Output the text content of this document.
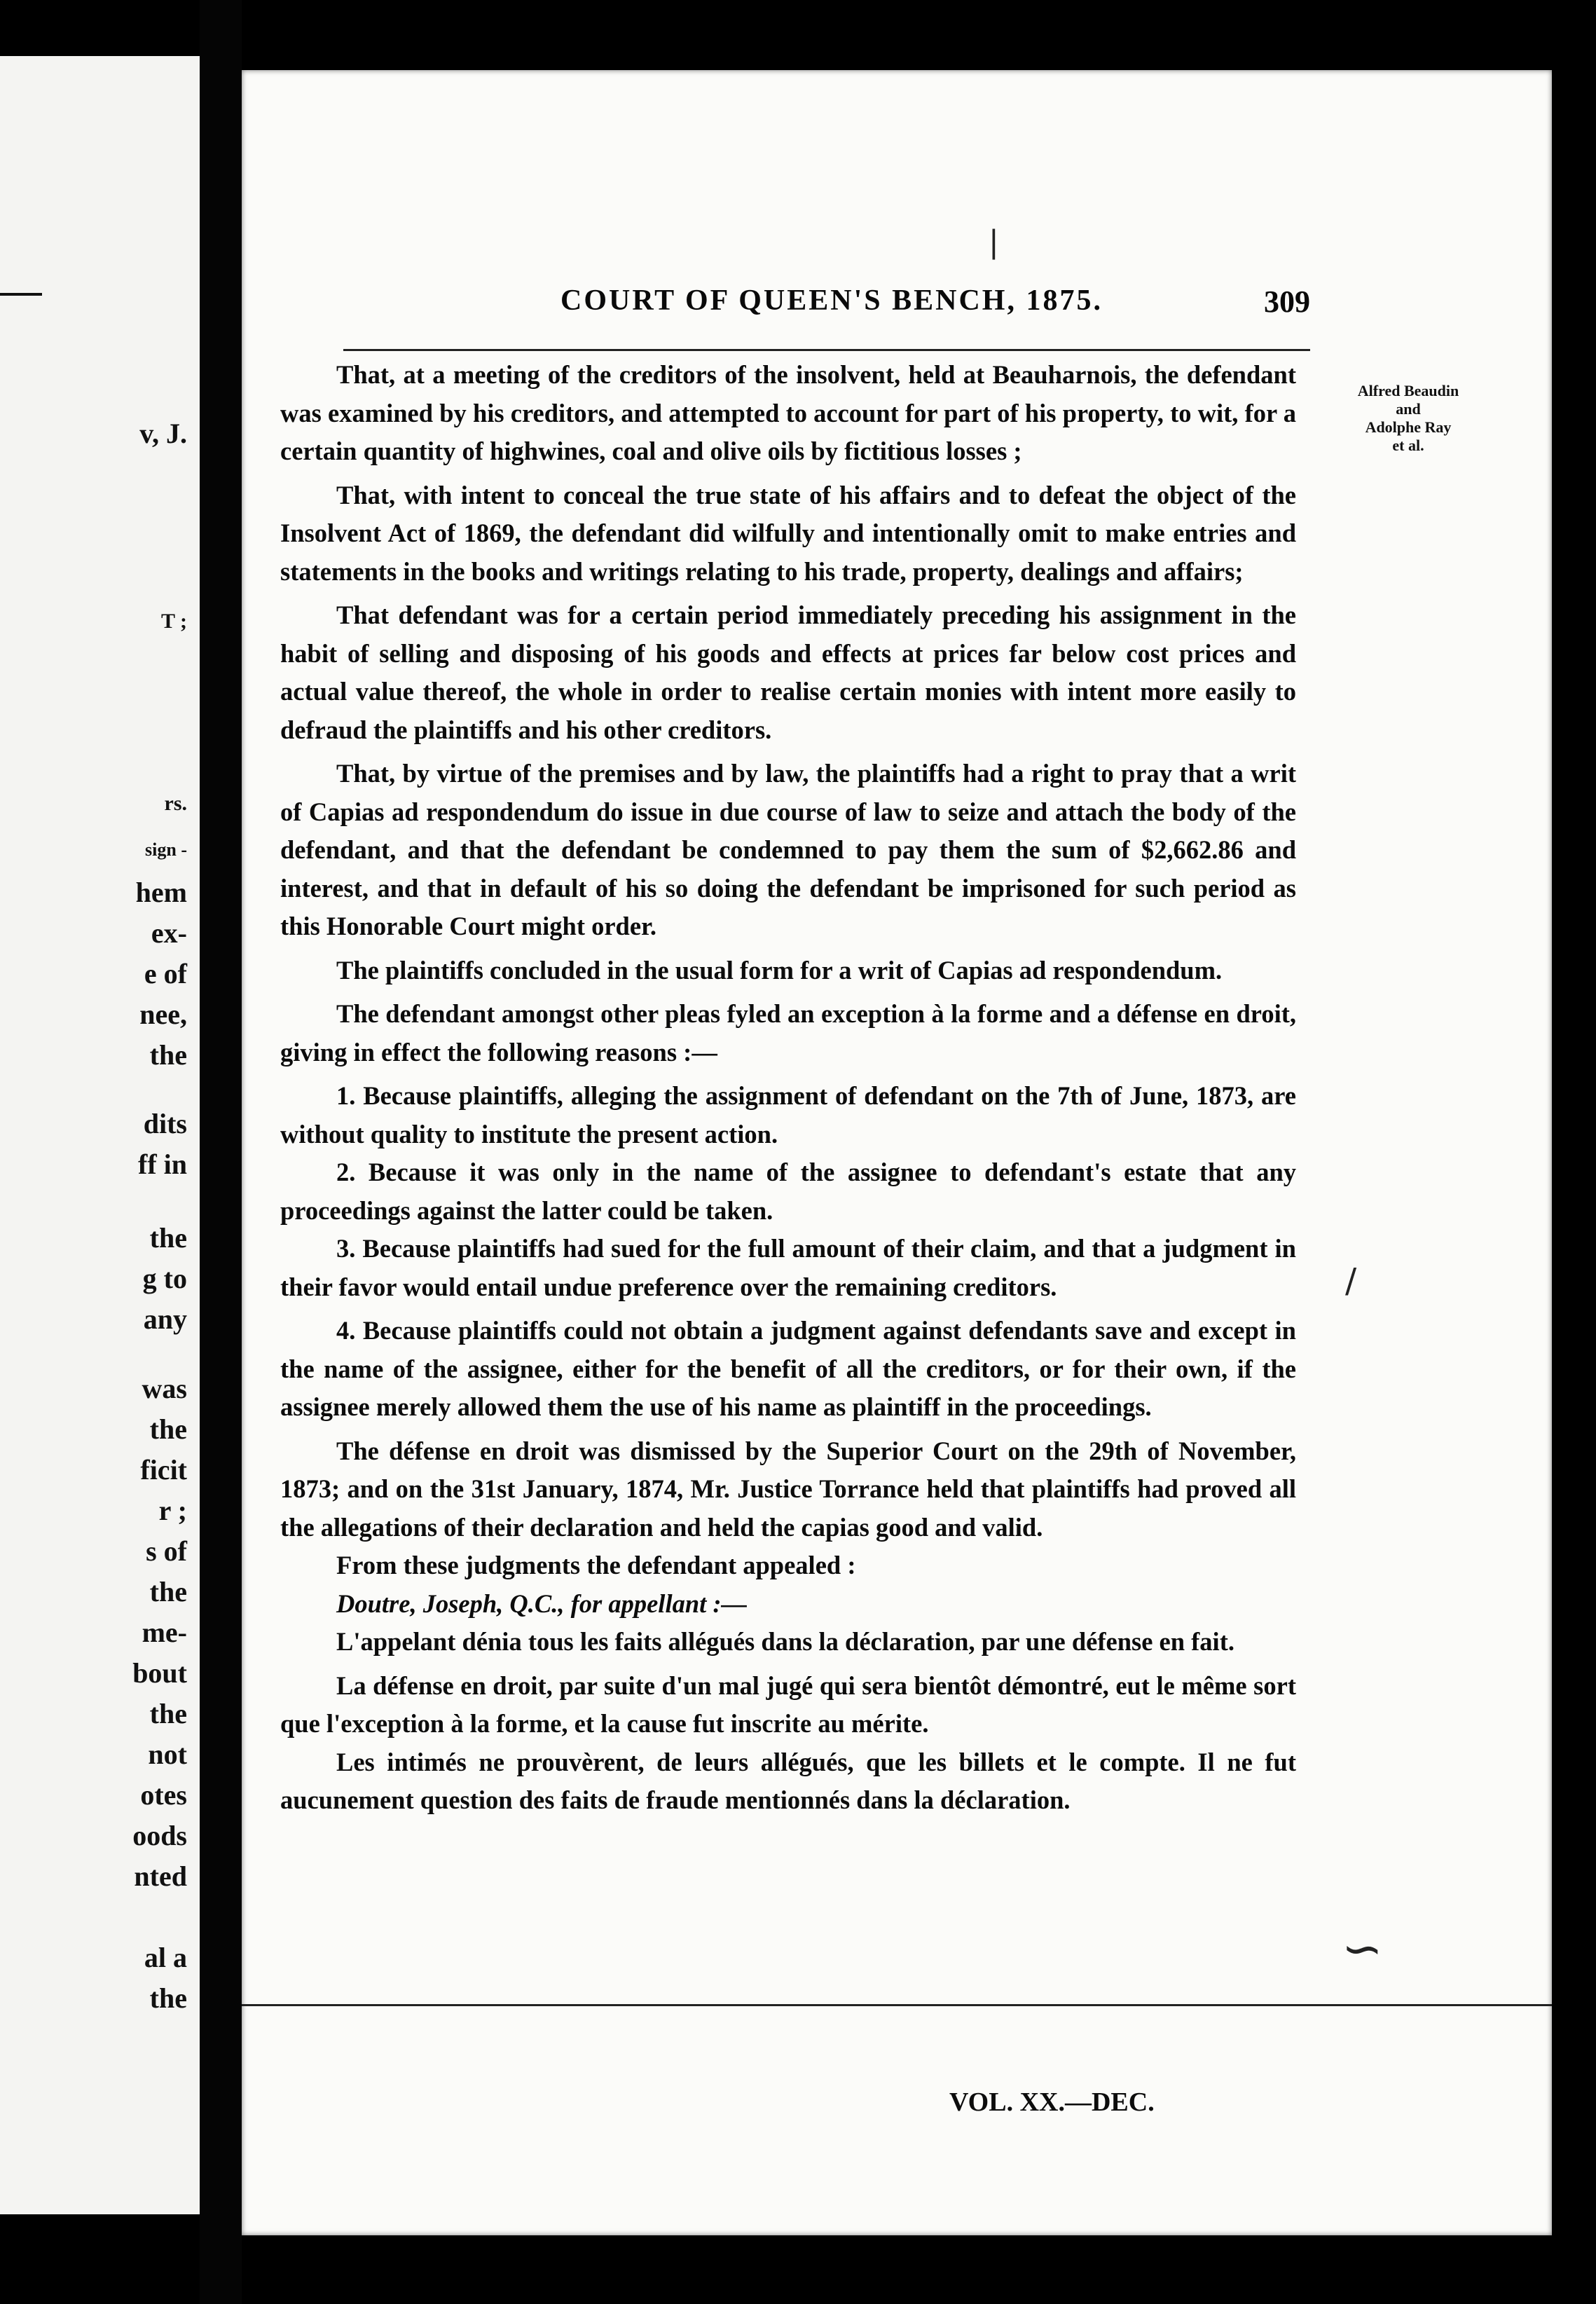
v, J.

T ;

rs.

sign -

hem

ex-

e of

nee,

the

dits

ff in

the

g to

any

was

the

ficit

r ;

s of

the

me-

bout

the

not

otes

oods

nted

al a

the

❘
COURT OF QUEEN'S BENCH, 1875.	309
Alfred Beaudin
and
Adolphe Ray
et al.

That, at a meeting of the creditors of the insolvent, held at Beauharnois, the defendant was examined by his creditors, and attempted to account for part of his property, to wit, for a certain quantity of highwines, coal and olive oils by fictitious losses ;

That, with intent to conceal the true state of his affairs and to defeat the object of the Insolvent Act of 1869, the defendant did wilfully and intentionally omit to make entries and statements in the books and writings relating to his trade, property, dealings and affairs;

That defendant was for a certain period immediately preceding his assignment in the habit of selling and disposing of his goods and effects at prices far below cost prices and actual value thereof, the whole in order to realise certain monies with intent more easily to defraud the plaintiffs and his other creditors.

That, by virtue of the premises and by law, the plaintiffs had a right to pray that a writ of Capias ad respondendum do issue in due course of law to seize and attach the body of the defendant, and that the defendant be condemned to pay them the sum of $2,662.86 and interest, and that in default of his so doing the defendant be imprisoned for such period as this Honorable Court might order.

The plaintiffs concluded in the usual form for a writ of Capias ad respondendum.

The defendant amongst other pleas fyled an exception à la forme and a défense en droit, giving in effect the following reasons :—

1. Because plaintiffs, alleging the assignment of defendant on the 7th of June, 1873, are without quality to institute the present action.

2. Because it was only in the name of the assignee to defendant's estate that any proceedings against the latter could be taken.

3. Because plaintiffs had sued for the full amount of their claim, and that a judgment in their favor would entail undue preference over the remaining creditors.

4. Because plaintiffs could not obtain a judgment against defendants save and except in the name of the assignee, either for the benefit of all the creditors, or for their own, if the assignee merely allowed them the use of his name as plaintiff in the proceedings.

The défense en droit was dismissed by the Superior Court on the 29th of November, 1873; and on the 31st January, 1874, Mr. Justice Torrance held that plaintiffs had proved all the allegations of their declaration and held the capias good and valid.

From these judgments the defendant appealed :

Doutre, Joseph, Q.C., for appellant :—

L'appelant dénia tous les faits allégués dans la déclaration, par une défense en fait.

La défense en droit, par suite d'un mal jugé qui sera bientôt démontré, eut le même sort que l'exception à la forme, et la cause fut inscrite au mérite.

Les intimés ne prouvèrent, de leurs allégués, que les billets et le compte. Il ne fut aucunement question des faits de fraude mentionnés dans la déclaration.

VOL. XX.—DEC.
∽
/
